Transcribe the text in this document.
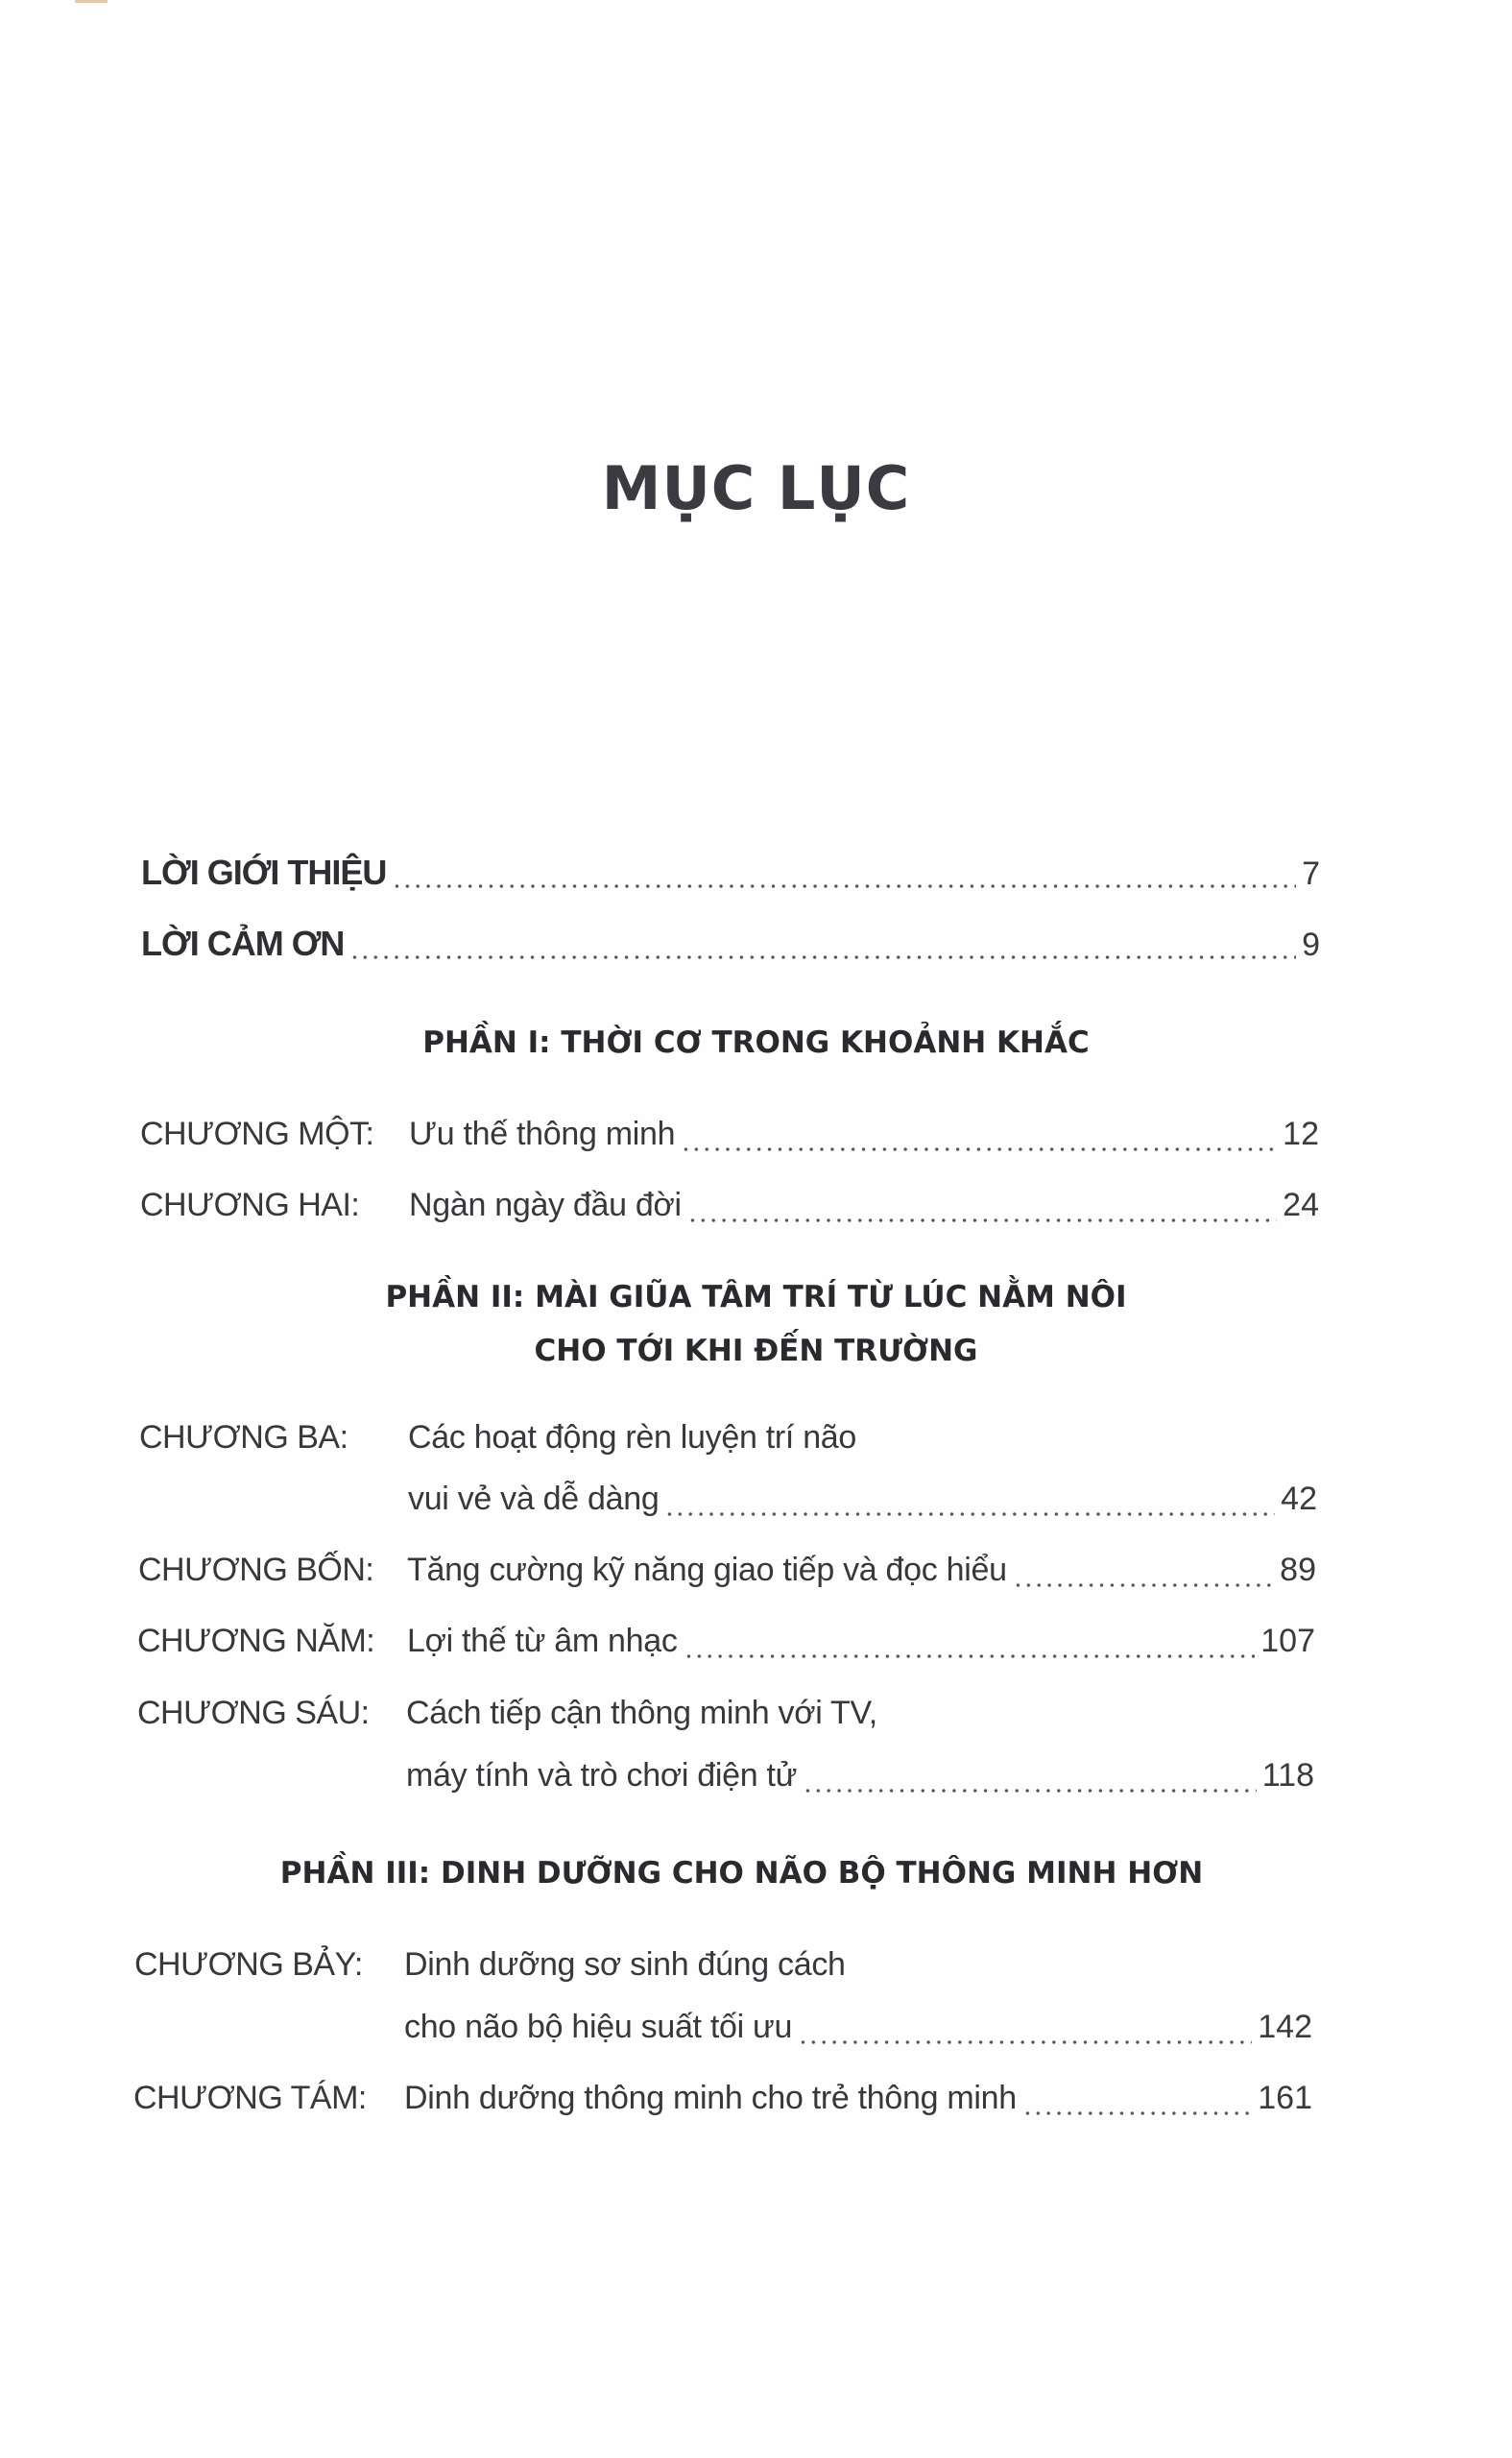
MỤC LỤC
LỜI GIỚI THIỆU	7
LỜI CẢM ƠN	9
PHẦN I: THỜI CƠ TRONG KHOẢNH KHẮC
CHƯƠNG MỘT: Ưu thế thông minh	12
CHƯƠNG HAI: Ngàn ngày đầu đời	24
PHẦN II: MÀI GIŨA TÂM TRÍ TỪ LÚC NẰM NÔI
CHO TỚI KHI ĐẾN TRƯỜNG
CHƯƠNG BA: Các hoạt động rèn luyện trí não
vui vẻ và dễ dàng	42
CHƯƠNG BỐN: Tăng cường kỹ năng giao tiếp và đọc hiểu	89
CHƯƠNG NĂM: Lợi thế từ âm nhạc	107
CHƯƠNG SÁU: Cách tiếp cận thông minh với TV,
máy tính và trò chơi điện tử	118
PHẦN III: DINH DƯỠNG CHO NÃO BỘ THÔNG MINH HƠN
CHƯƠNG BẢY: Dinh dưỡng sơ sinh đúng cách
cho não bộ hiệu suất tối ưu	142
CHƯƠNG TÁM: Dinh dưỡng thông minh cho trẻ thông minh	161
